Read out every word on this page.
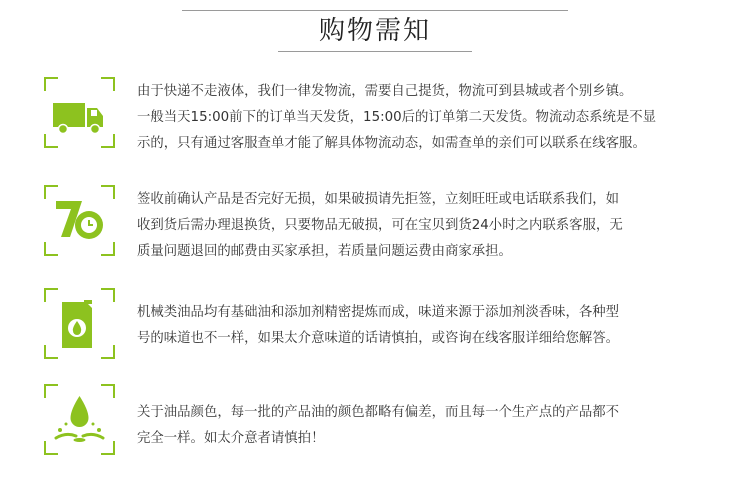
购物需知
由于快递不走液体，我们一律发物流，需要自己提货，物流可到县城或者个别乡镇。
一般当天15:00前下的订单当天发货，15:00后的订单第二天发货。物流动态系统是不显
示的，只有通过客服查单才能了解具体物流动态，如需查单的亲们可以联系在线客服。
签收前确认产品是否完好无损，如果破损请先拒签，立刻旺旺或电话联系我们，如
收到货后需办理退换货，只要物品无破损，可在宝贝到货24小时之内联系客服，无
质量问题退回的邮费由买家承担，若质量问题运费由商家承担。
机械类油品均有基础油和添加剂精密提炼而成，味道来源于添加剂淡香味，各种型
号的味道也不一样，如果太介意味道的话请慎拍，或咨询在线客服详细给您解答。
关于油品颜色，每一批的产品油的颜色都略有偏差，而且每一个生产点的产品都不
完全一样。如太介意者请慎拍！
